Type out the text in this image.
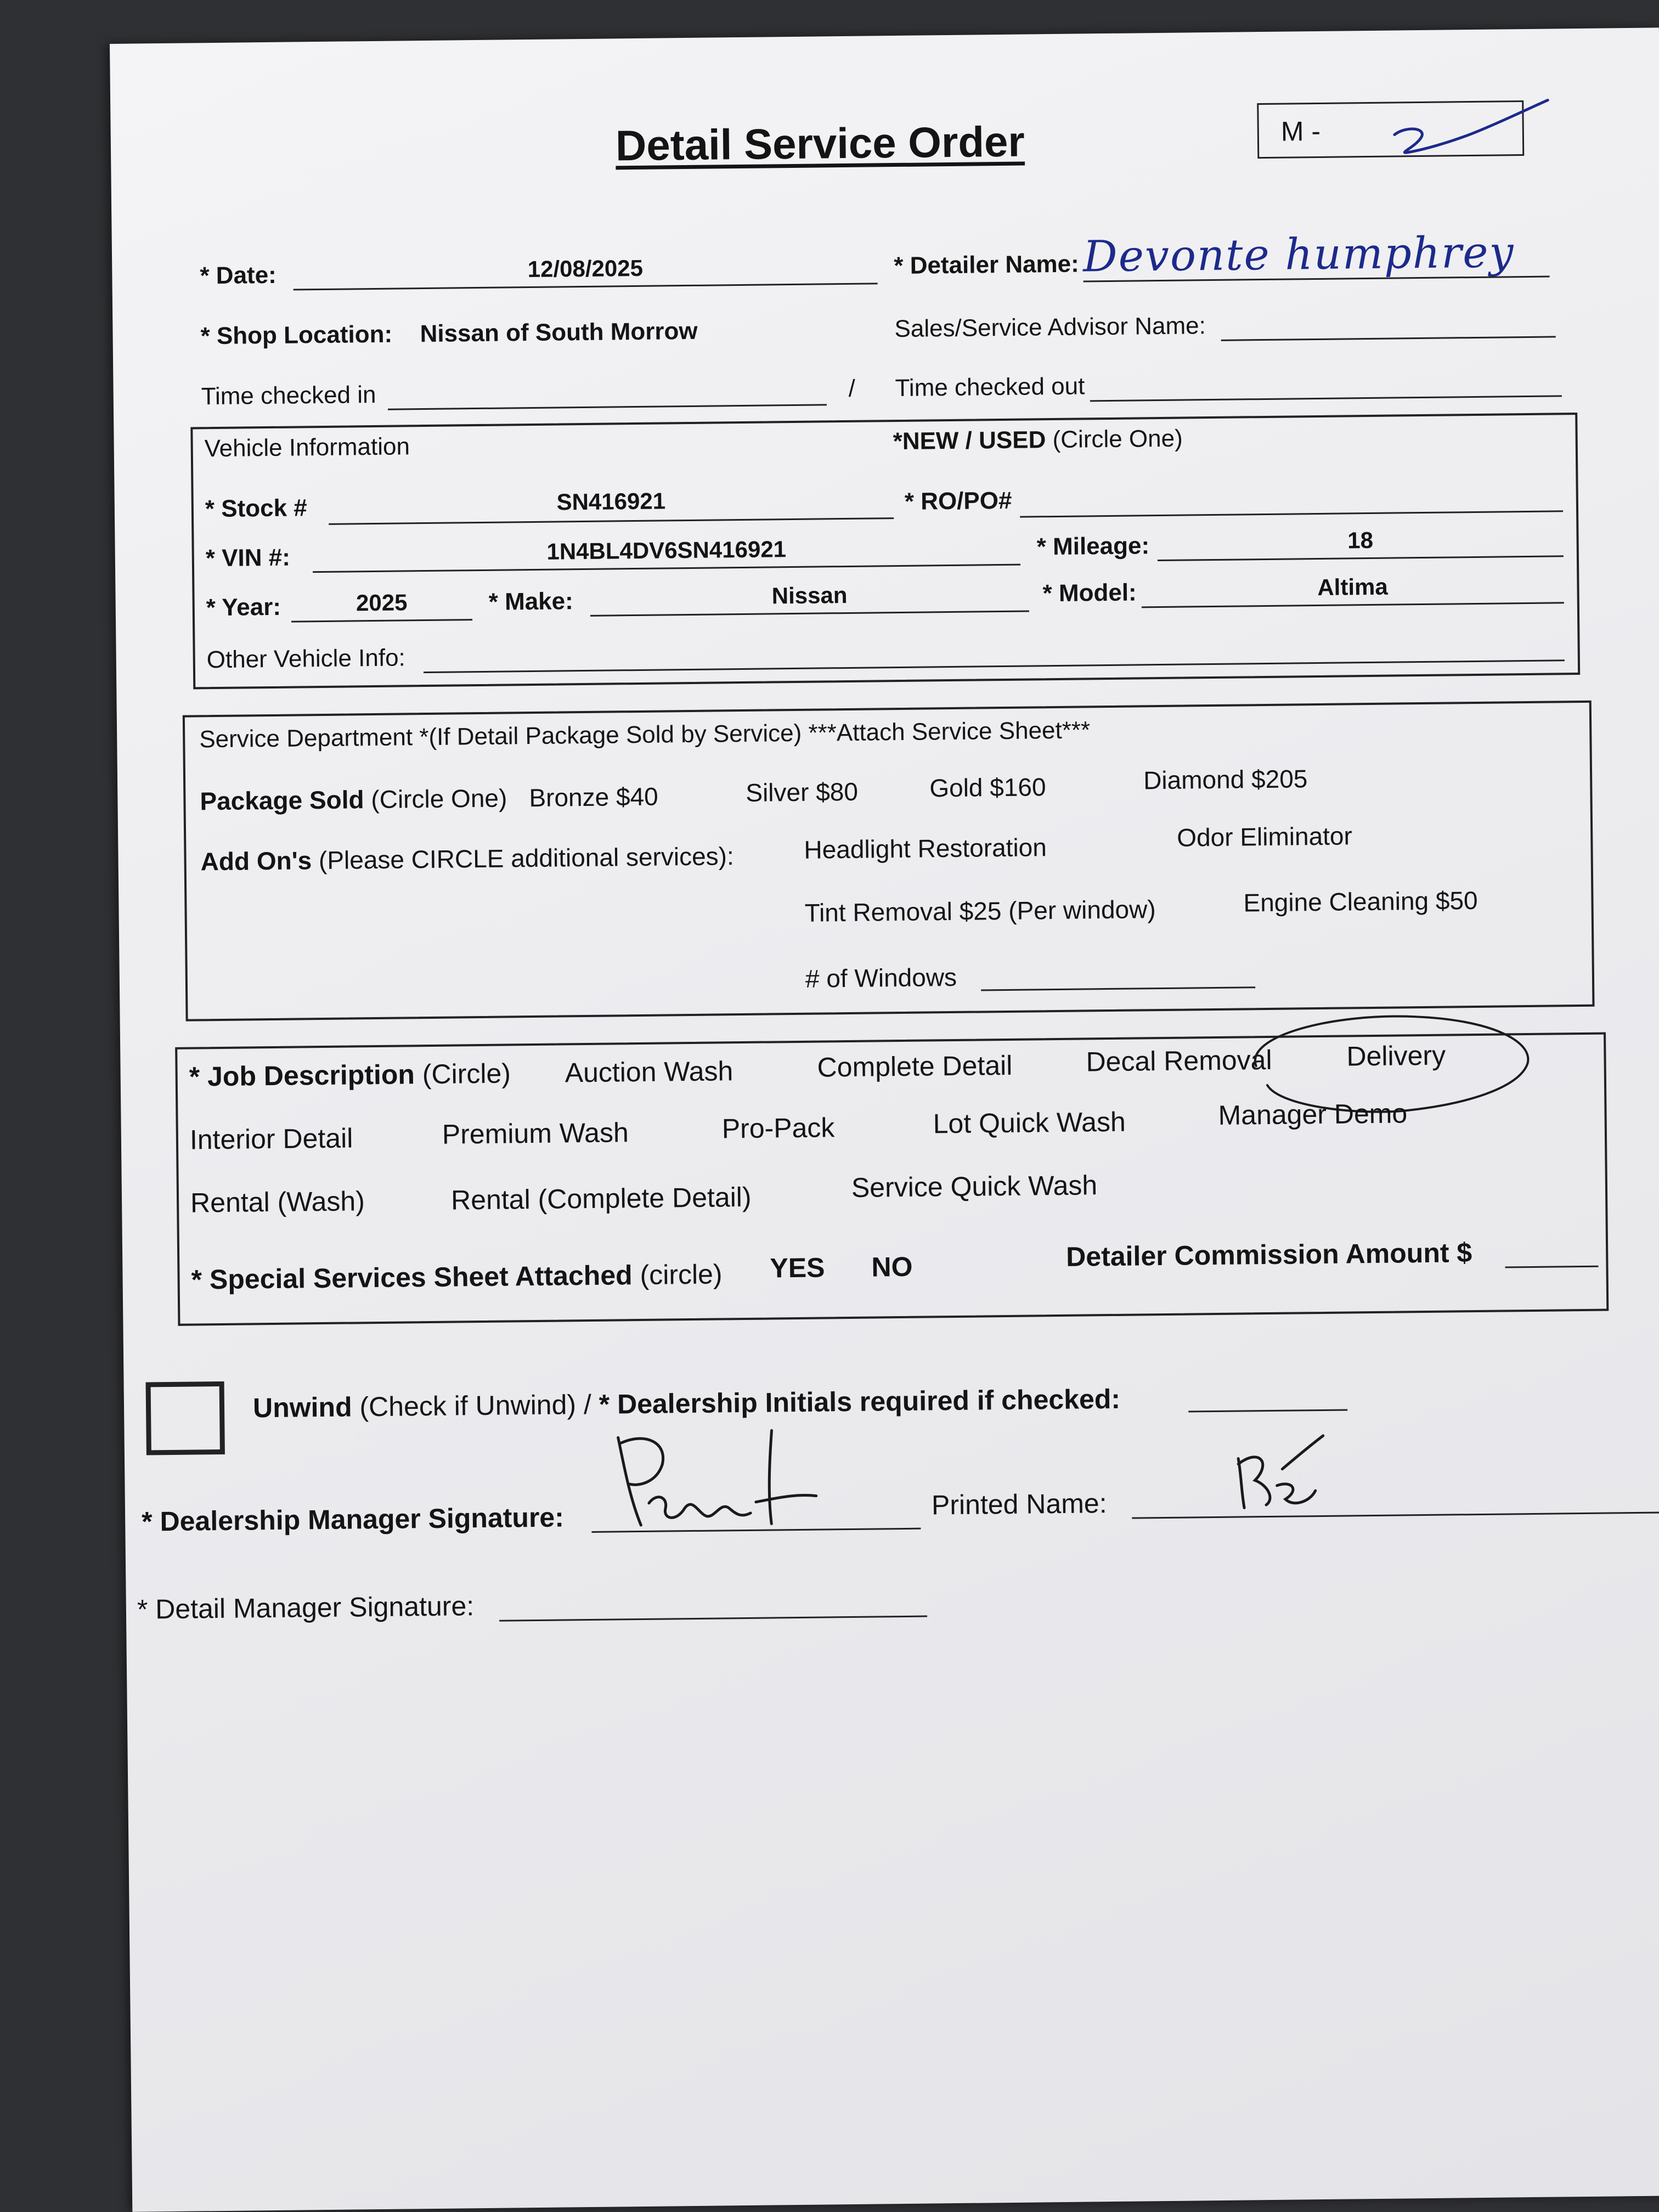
Detail Service Order	M -
* Date:	12/08/2025	* Detailer Name: Devonte humphrey
* Shop Location: Nissan of South Morrow	Sales/Service Advisor Name:
Time checked in	/ Time checked out
Vehicle Information	*NEW / USED (Circle One)
* Stock #	SN416921	* RO/PO#
* VIN #:	1N4BL4DV6SN416921	* Mileage:	18
* Year:	2025	* Make:	Nissan	* Model:	Altima
Other Vehicle Info:
Service Department *(If Detail Package Sold by Service) ***Attach Service Sheet***
Package Sold (Circle One) Bronze $40	Silver $80	Gold $160	Diamond $205
Add On's (Please CIRCLE additional services):	Headlight Restoration	Odor Eliminator
Tint Removal $25 (Per window)	Engine Cleaning $50
# of Windows
* Job Description (Circle) Auction Wash	Complete Detail	Decal Removal	Delivery
Interior Detail	Premium Wash	Pro-Pack	Lot Quick Wash	Manager Demo
Rental (Wash)	Rental (Complete Detail)	Service Quick Wash
* Special Services Sheet Attached (circle) YES NO	Detailer Commission Amount $
Unwind (Check if Unwind) / * Dealership Initials required if checked:
* Dealership Manager Signature:	Printed Name:
* Detail Manager Signature:
